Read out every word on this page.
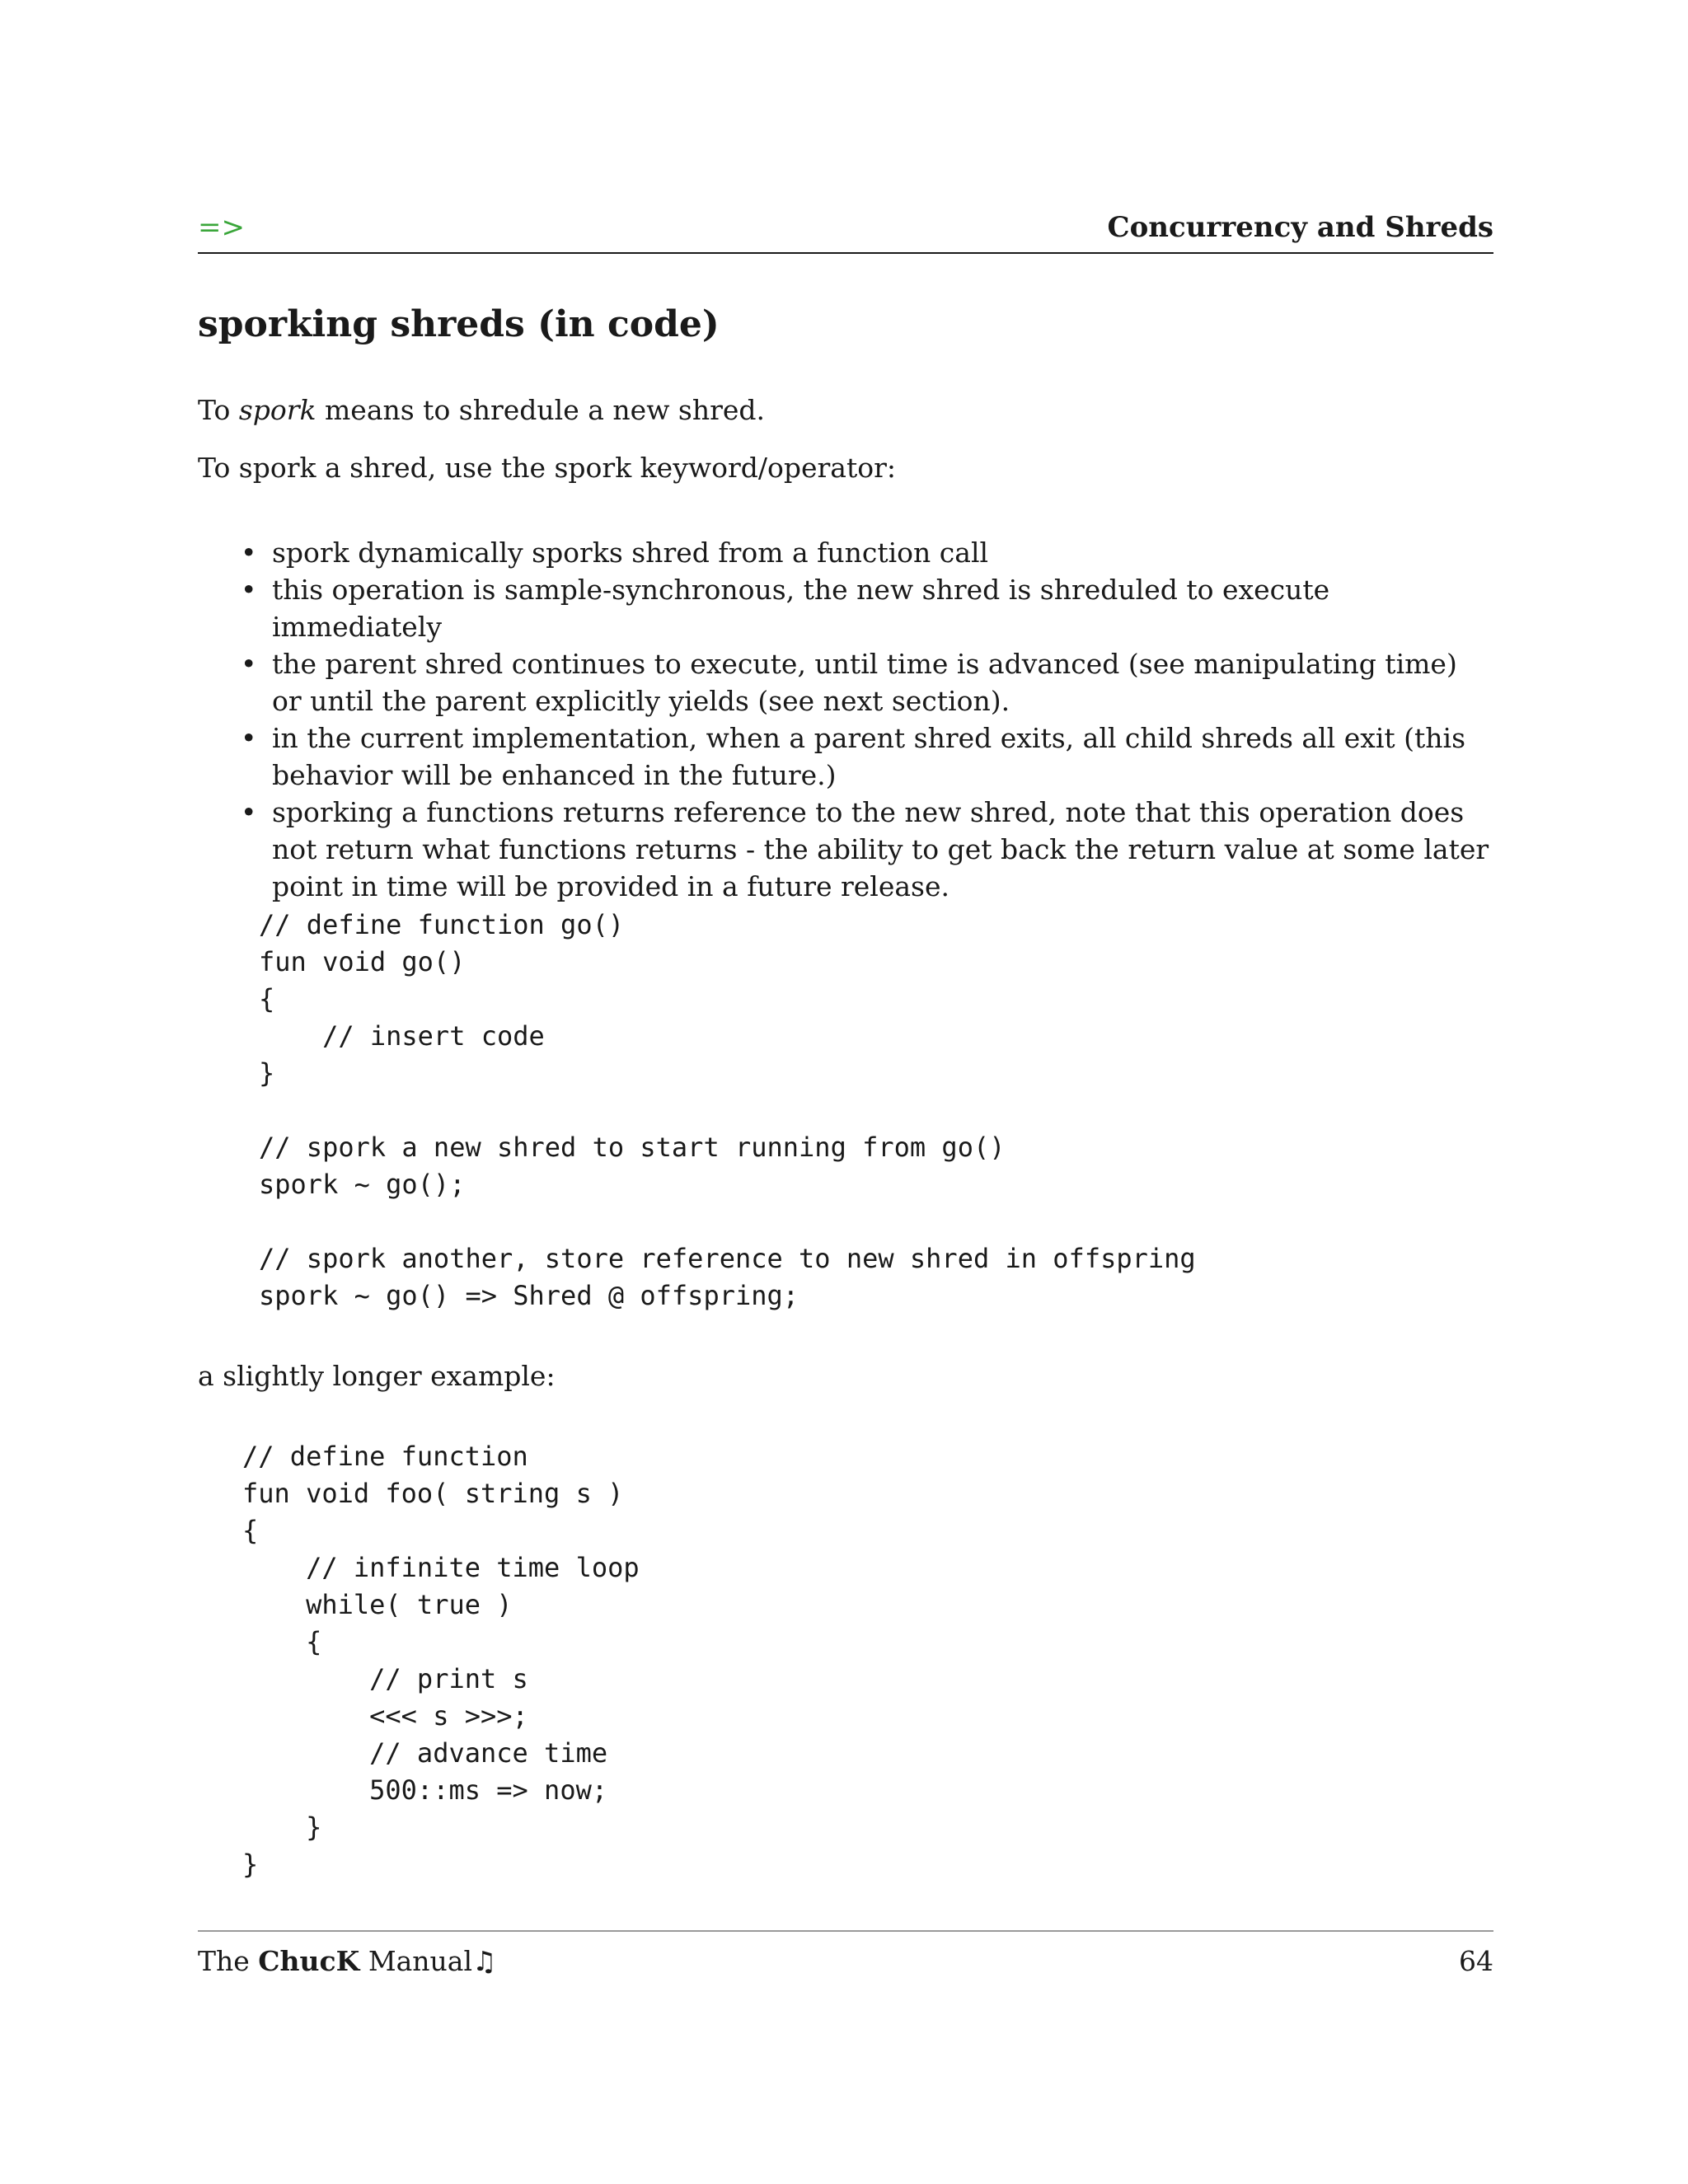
=>	Concurrency and Shreds
sporking shreds (in code)

To spork means to shredule a new shred.

To spork a shred, use the spork keyword/operator:

• spork dynamically sporks shred from a function call
• this operation is sample-synchronous, the new shred is shreduled to execute immediately
• the parent shred continues to execute, until time is advanced (see manipulating time) or until the parent explicitly yields (see next section).
• in the current implementation, when a parent shred exits, all child shreds all exit (this behavior will be enhanced in the future.)
• sporking a functions returns reference to the new shred, note that this operation does not return what functions returns - the ability to get back the return value at some later point in time will be provided in a future release.
// define function go()
fun void go()
{
// insert code
}

// spork a new shred to start running from go()
spork ~ go();

// spork another, store reference to new shred in offspring
spork ~ go() => Shred @ offspring;

a slightly longer example:

// define function
fun void foo( string s )
{
// infinite time loop
while( true )
{
// print s
<<< s >>>;
// advance time
500::ms => now;
}
}
The ChucK Manual♫	64
